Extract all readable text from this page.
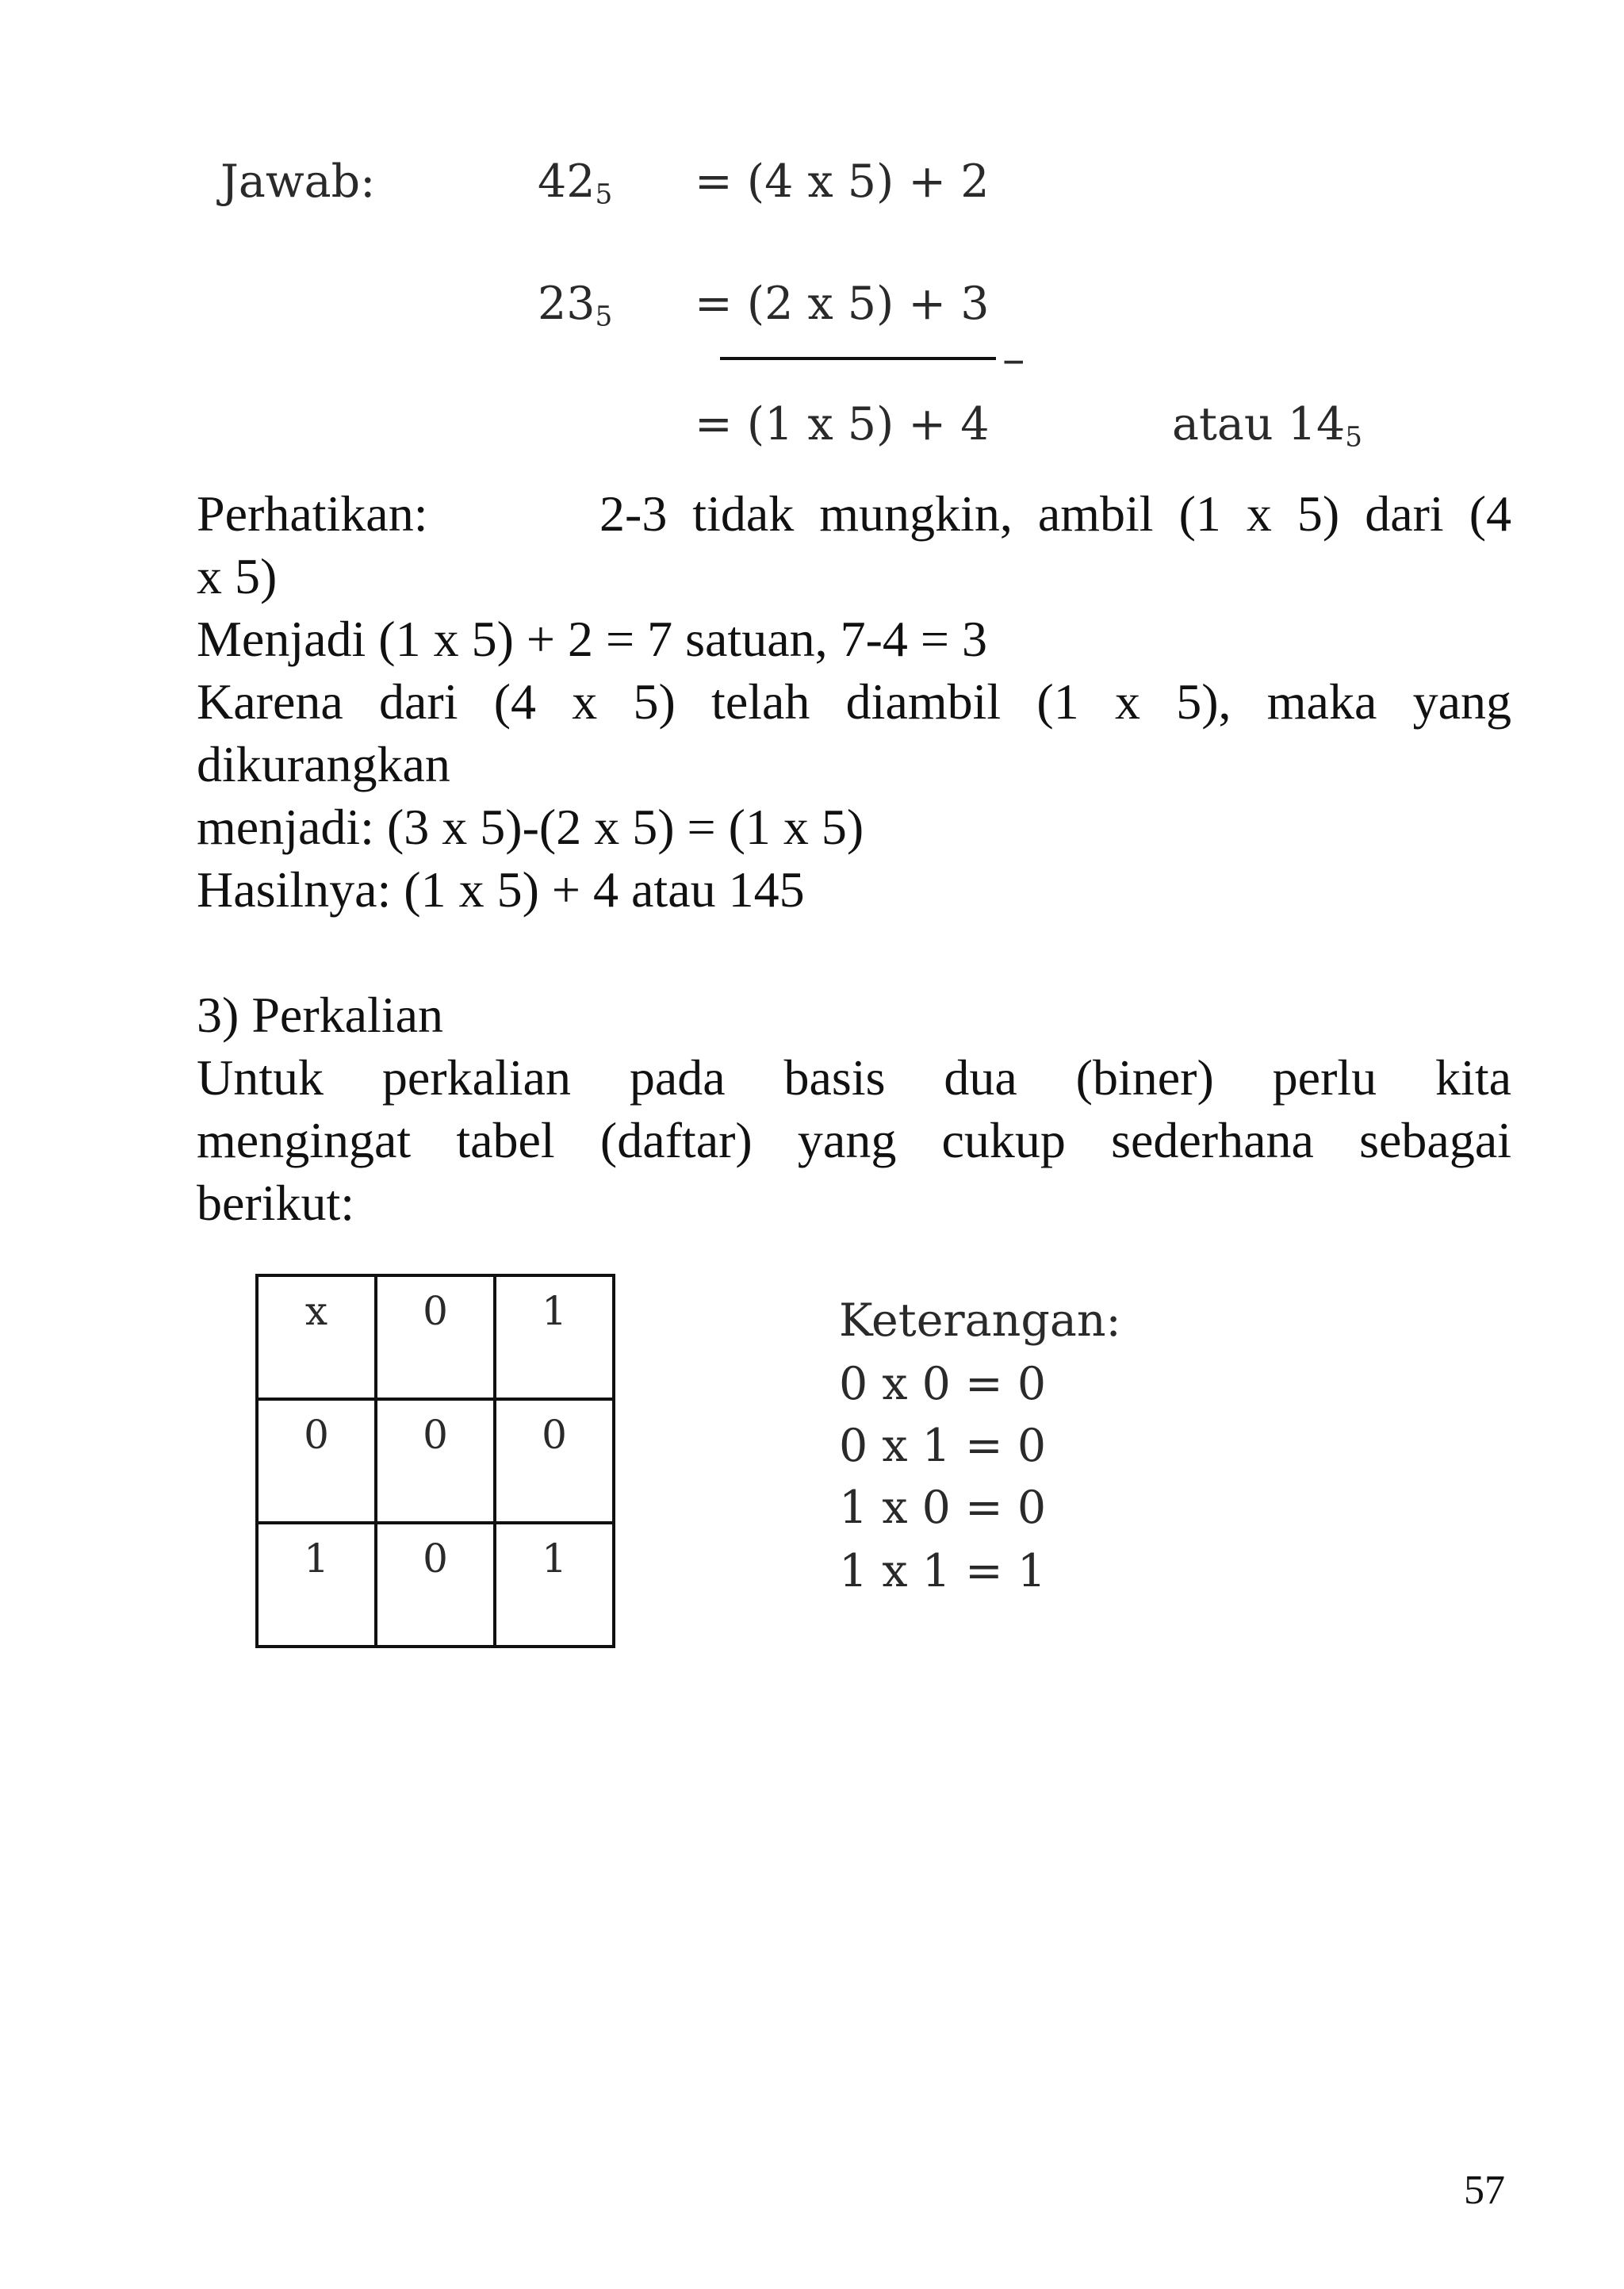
Jawab:	$42_5 = (4$ x 5) + 2
$23_5 = (2$ x 5) + 3
–
= (1 x 5) + 4	atau $14_5$
Perhatikan:	2-3 tidak mungkin, ambil (1 x 5) dari (4
x 5)
Menjadi (1 x 5) + 2 = 7 satuan, 7-4 = 3
Karena dari (4 x 5) telah diambil (1 x 5), maka yang
dikurangkan
menjadi: (3 x 5)-(2 x 5) = (1 x 5)
Hasilnya: (1 x 5) + 4 atau 145
3) Perkalian
Untuk perkalian pada basis dua (biner) perlu kita
mengingat tabel (daftar) yang cukup sederhana sebagai
berikut:
x	0	1
0	0	0
1	0	1
Keterangan:
0 x 0 = 0
0 x 1 = 0
1 x 0 = 0
1 x 1 = 1
57
